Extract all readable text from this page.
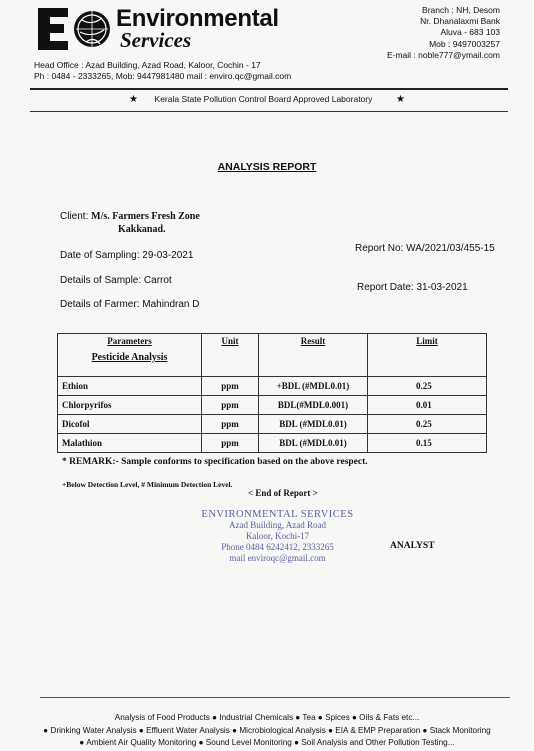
Environmental
Services
Branch : NH, Desom
Nr. Dhanalaxmi Bank
Aluva - 683 103
Mob : 9497003257
E-mail : noble777@ymail.com
Head Office : Azad Building, Azad Road, Kaloor, Cochin - 17
Ph : 0484 - 2333265, Mob: 9447981480 mail : enviro.qc@gmail.com
★ Kerala State Pollution Control Board Approved Laboratory ★
ANALYSIS REPORT
Client: M/s. Farmers Fresh Zone
Kakkanad.
Date of Sampling: 29-03-2021
Report No: WA/2021/03/455-15
Details of Sample: Carrot
Report Date: 31-03-2021
Details of Farmer: Mahindran D
Parameters
Pesticide Analysis	Unit	Result	Limit
Ethion	ppm	+BDL (#MDL0.01)	0.25
Chlorpyrifos	ppm	BDL(#MDL0.001)	0.01
Dicofol	ppm	BDL (#MDL0.01)	0.25
Malathion	ppm	BDL (#MDL0.01)	0.15
* REMARK:- Sample conforms to specification based on the above respect.
+Below Detection Level, # Minimum Detection Level.
< End of Report >
ENVIRONMENTAL SERVICES
Azad Building, Azad Road
Kaloor, Kochi-17
Phone 0484 6242412, 2333265
mail enviroqc@gmail.com
ANALYST
Analysis of Food Products ● Industrial Chemicals ● Tea ● Spices ● Oils & Fats etc...
● Drinking Water Analysis ● Effluent Water Analysis ● Microbiological Analysis ● EIA & EMP Preparation ● Stack Monitoring
● Ambient Air Quality Monitoring ● Sound Level Monitoring ● Soil Analysis and Other Pollution Testing...
